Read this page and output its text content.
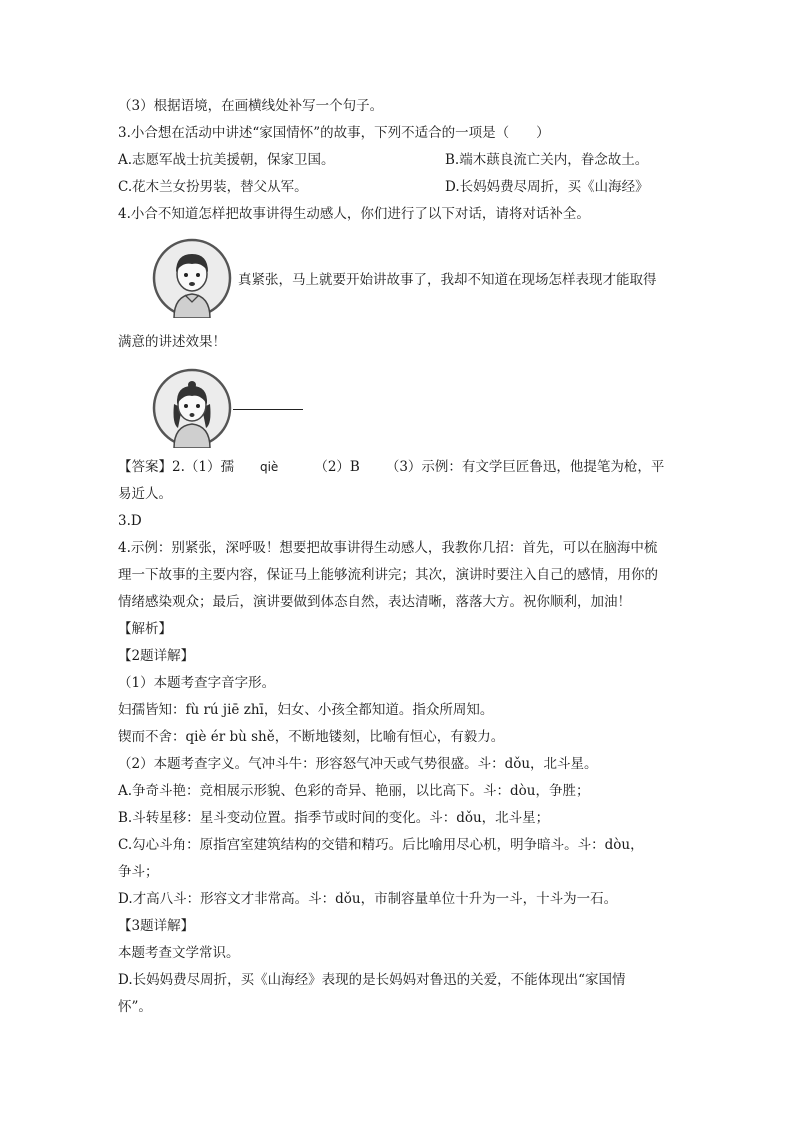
（3）根据语境，在画横线处补写一个句子。
3.小合想在活动中讲述“家国情怀”的故事，下列不适合的一项是（　　）
A.志愿军战士抗美援朝，保家卫国。	B.端木蕻良流亡关内，眷念故土。
C.花木兰女扮男装，替父从军。	D.长妈妈费尽周折，买《山海经》
4.小合不知道怎样把故事讲得生动感人，你们进行了以下对话，请将对话补全。
真紧张，马上就要开始讲故事了，我却不知道在现场怎样表现才能取得
满意的讲述效果！
【答案】2.（1）孺 qiè	（2）B （3）示例：有文学巨匠鲁迅，他提笔为枪，平
易近人。
3.D
4.示例：别紧张，深呼吸！想要把故事讲得生动感人，我教你几招：首先，可以在脑海中梳
理一下故事的主要内容，保证马上能够流利讲完；其次，演讲时要注入自己的感情，用你的
情绪感染观众；最后，演讲要做到体态自然，表达清晰，落落大方。祝你顺利，加油！
【解析】
【2题详解】
（1）本题考查字音字形。
妇孺皆知：fù rú jiē zhī，妇女、小孩全都知道。指众所周知。
锲而不舍：qiè ér bù shě，不断地镂刻，比喻有恒心，有毅力。
（2）本题考查字义。气冲斗牛：形容怒气冲天或气势很盛。斗：dǒu，北斗星。
A.争奇斗艳：竞相展示形貌、色彩的奇异、艳丽，以比高下。斗：dòu，争胜；
B.斗转星移：星斗变动位置。指季节或时间的变化。斗：dǒu，北斗星；
C.勾心斗角：原指宫室建筑结构的交错和精巧。后比喻用尽心机，明争暗斗。斗：dòu，
争斗；
D.才高八斗：形容文才非常高。斗：dǒu，市制容量单位十升为一斗，十斗为一石。
【3题详解】
本题考查文学常识。
D.长妈妈费尽周折，买《山海经》表现的是长妈妈对鲁迅的关爱，不能体现出“家国情
怀”。
